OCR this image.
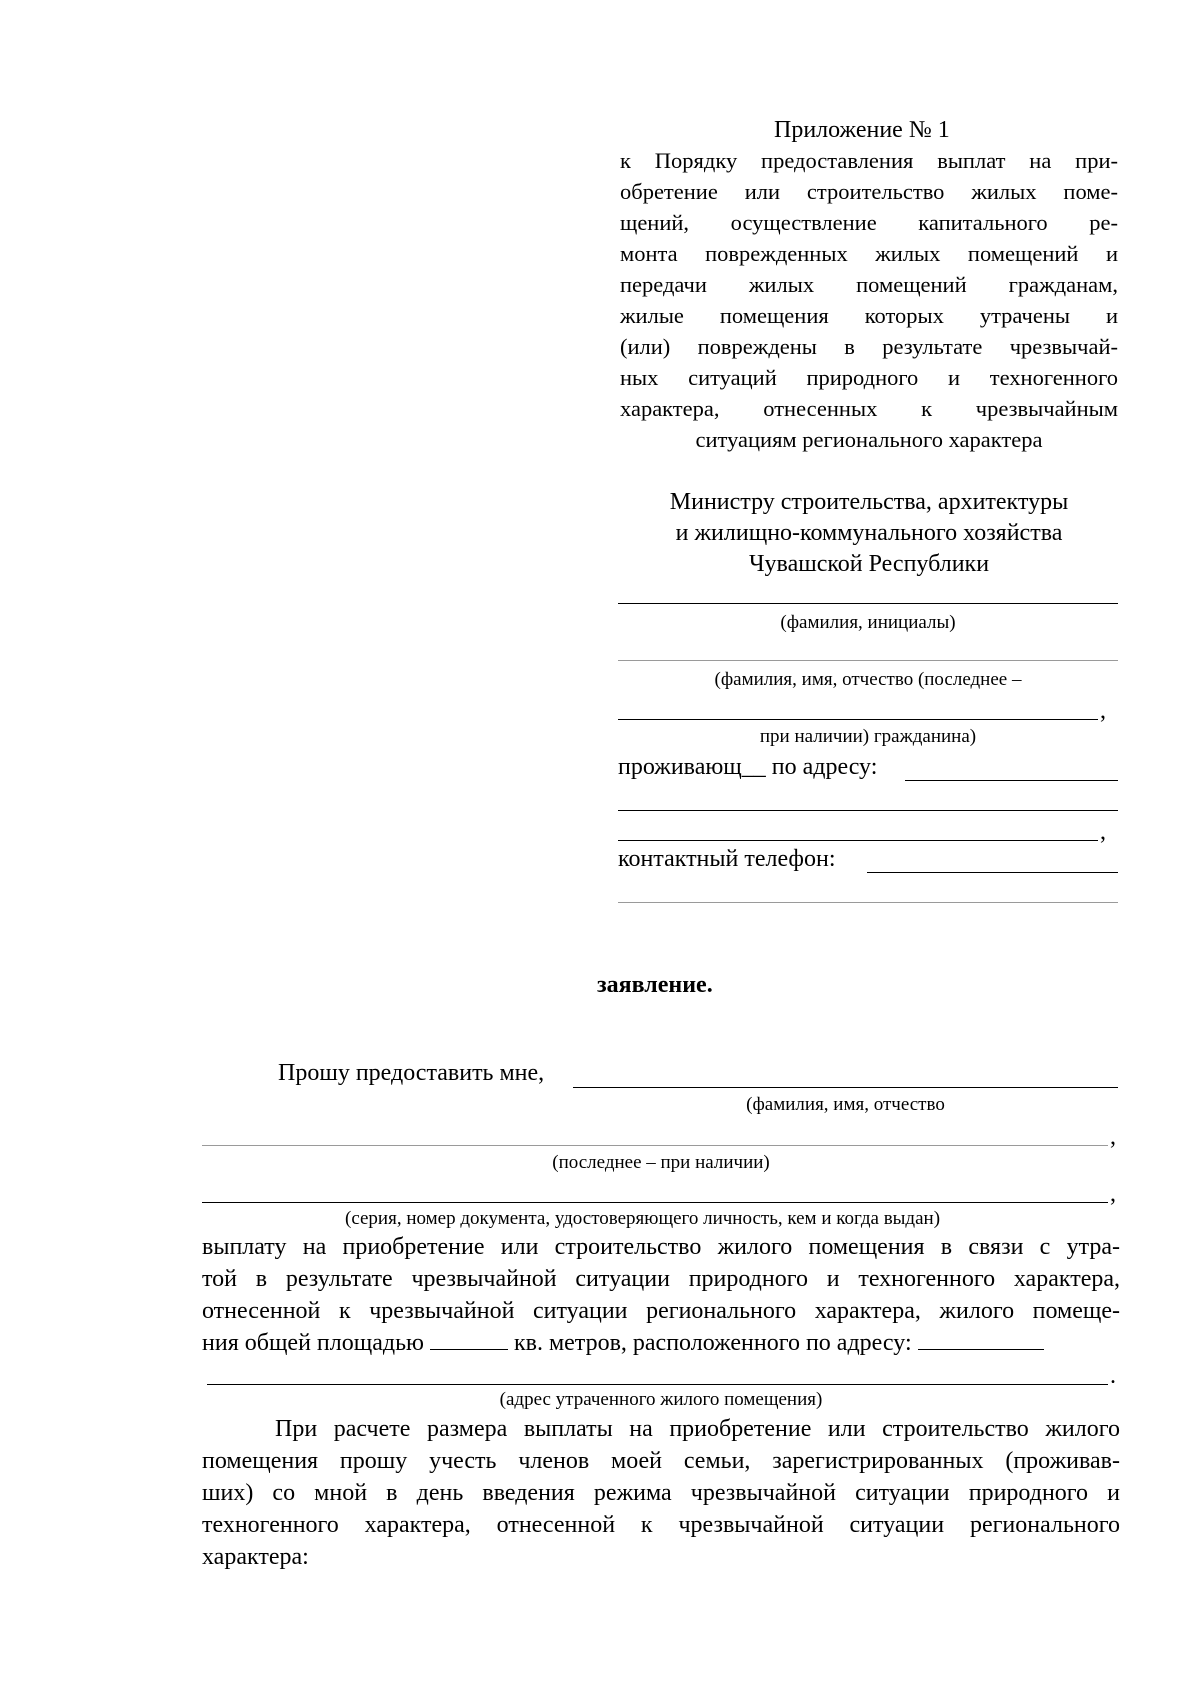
Приложение № 1
к Порядку предоставления выплат на при-
обретение или строительство жилых поме-
щений, осуществление капитального ре-
монта поврежденных жилых помещений и
передачи жилых помещений гражданам,
жилые помещения которых утрачены и
(или) повреждены в результате чрезвычай-
ных ситуаций природного и техногенного
характера, отнесенных к чрезвычайным
ситуациям регионального характера
Министру строительства, архитектуры
и жилищно-коммунального хозяйства
Чувашской Республики
(фамилия, инициалы)
(фамилия, имя, отчество (последнее –
,
при наличии) гражданина)
проживающ__ по адресу:
,
контактный телефон:
заявление.
Прошу предоставить мне,
(фамилия, имя, отчество
,
(последнее – при наличии)
,
(серия, номер документа, удостоверяющего личность, кем и когда выдан)
выплату на приобретение или строительство жилого помещения в связи с утра-
той в результате чрезвычайной ситуации природного и техногенного характера,
отнесенной к чрезвычайной ситуации регионального характера, жилого помеще-
ния общей площадью	кв. метров, расположенного по адресу:
.
(адрес утраченного жилого помещения)
При расчете размера выплаты на приобретение или строительство жилого
помещения прошу учесть членов моей семьи, зарегистрированных (проживав-
ших) со мной в день введения режима чрезвычайной ситуации природного и
техногенного характера, отнесенной к чрезвычайной ситуации регионального
характера:
